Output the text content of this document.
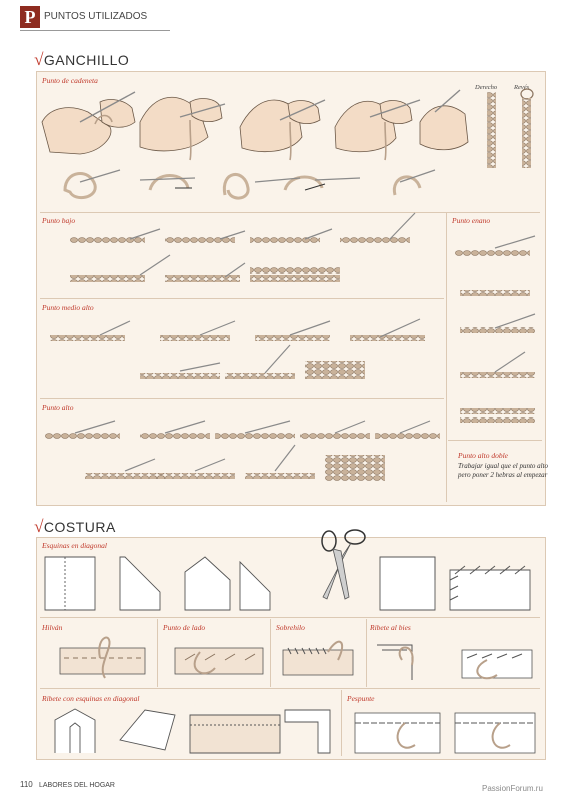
P PUNTOS UTILIZADOS
√GANCHILLO
Punto de cadeneta
Derecho	Revés
Punto bajo	Punto enano
Punto medio alto
Punto alto
Punto alto doble
Trabajar igual que el punto alto pero poner 2 hebras al empezar
√COSTURA
Esquinas en diagonal
Hilván	Punto de lado	Sobrehilo	Ribete al bies
Ribete con esquinas en diagonal	Pespunte
110 LABORES DEL HOGAR	PassionForum.ru
